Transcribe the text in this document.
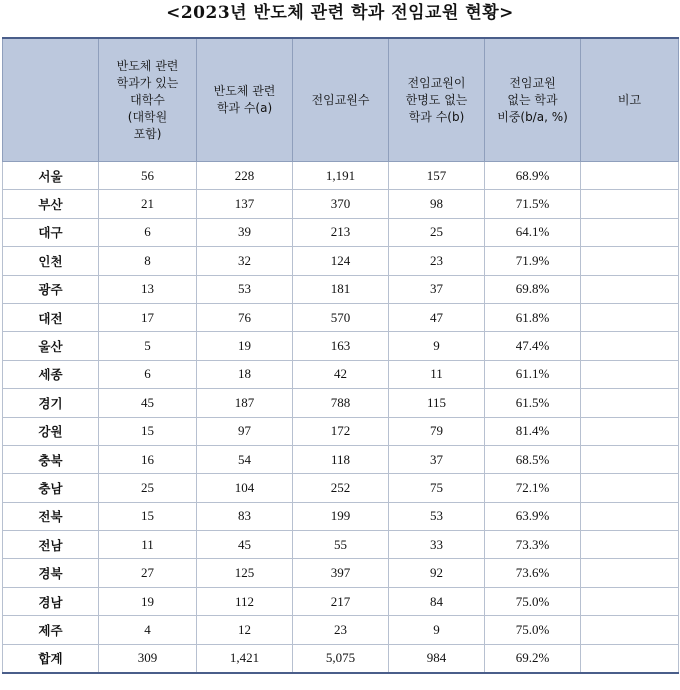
<2023년 반도체 관련 학과 전임교원 현황>
	반도체 관련
학과가 있는
대학수
(대학원
포함)	반도체 관련
학과 수(a)	전임교원수	전임교원이
한명도 없는
학과 수(b)	전임교원
없는 학과
비중(b/a, %)	비고
서울	56	228	1,191	157	68.9%	
부산	21	137	370	98	71.5%	
대구	6	39	213	25	64.1%	
인천	8	32	124	23	71.9%	
광주	13	53	181	37	69.8%	
대전	17	76	570	47	61.8%	
울산	5	19	163	9	47.4%	
세종	6	18	42	11	61.1%	
경기	45	187	788	115	61.5%	
강원	15	97	172	79	81.4%	
충북	16	54	118	37	68.5%	
충남	25	104	252	75	72.1%	
전북	15	83	199	53	63.9%	
전남	11	45	55	33	73.3%	
경북	27	125	397	92	73.6%	
경남	19	112	217	84	75.0%	
제주	4	12	23	9	75.0%	
합계	309	1,421	5,075	984	69.2%	
